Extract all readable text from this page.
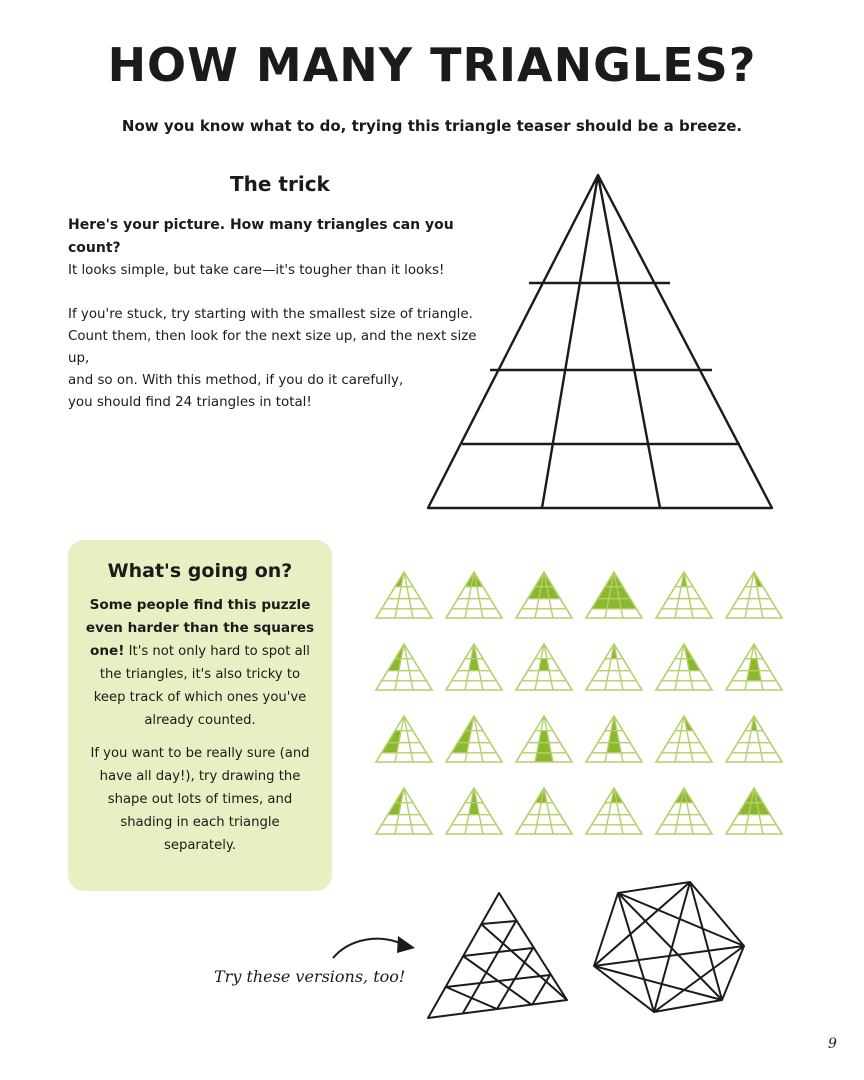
HOW MANY TRIANGLES?

Now you know what to do, trying this triangle teaser should be a breeze.

The trick

Here's your picture. How many triangles can you count?
It looks simple, but take care—it's tougher than it looks!

If you're stuck, try starting with the smallest size of triangle.
Count them, then look for the next size up, and the next size up,
and so on. With this method, if you do it carefully,
you should find 24 triangles in total!

What's going on?

Some people find this puzzle even harder than the squares one! It's not only hard to spot all the triangles, it's also tricky to keep track of which ones you've already counted.

If you want to be really sure (and have all day!), try drawing the shape out lots of times, and shading in each triangle separately.

Try these versions, too!
9
